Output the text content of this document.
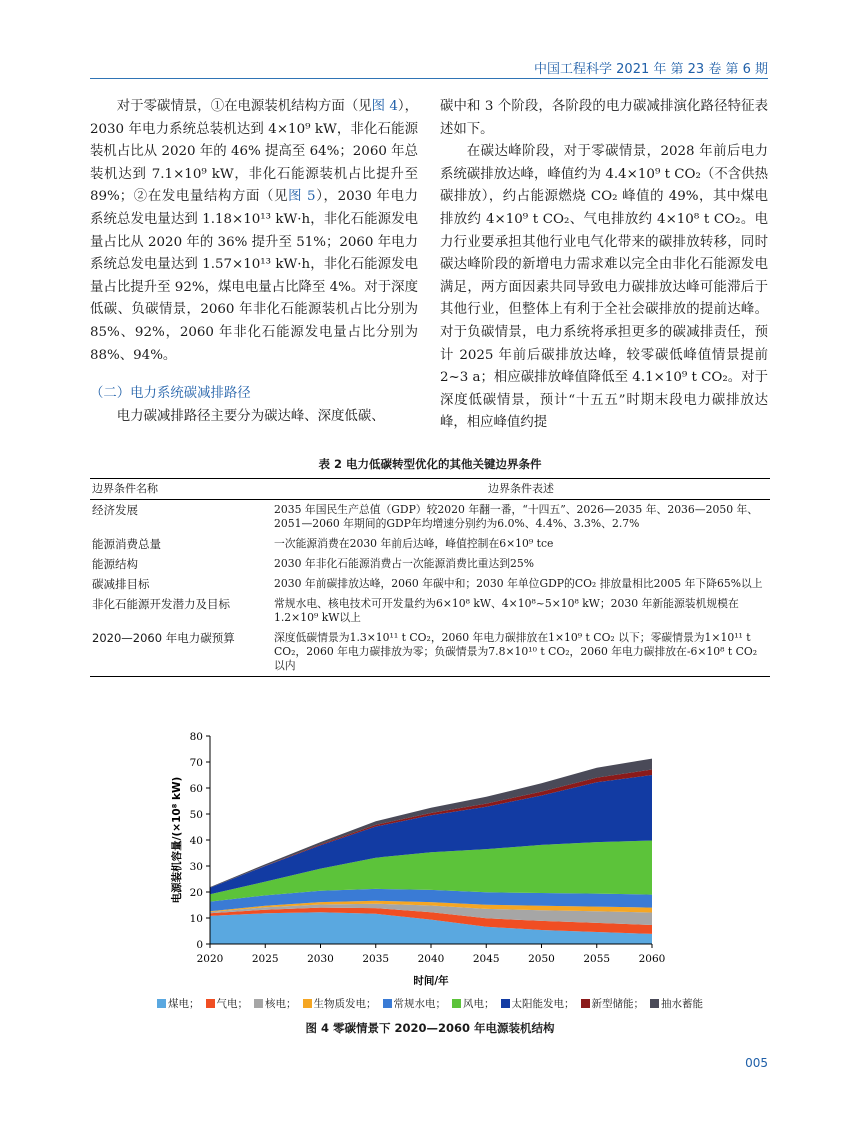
中国工程科学 2021 年 第 23 卷 第 6 期

对于零碳情景，①在电源装机结构方面（见图 4），2030 年电力系统总装机达到 4×10⁹ kW，非化石能源装机占比从 2020 年的 46% 提高至 64%；2060 年总装机达到 7.1×10⁹ kW，非化石能源装机占比提升至 89%；②在发电量结构方面（见图 5），2030 年电力系统总发电量达到 1.18×10¹³ kW·h，非化石能源发电量占比从 2020 年的 36% 提升至 51%；2060 年电力系统总发电量达到 1.57×10¹³ kW·h，非化石能源发电量占比提升至 92%，煤电电量占比降至 4%。对于深度低碳、负碳情景，2060 年非化石能源装机占比分别为 85%、92%，2060 年非化石能源发电量占比分别为 88%、94%。

（二）电力系统碳减排路径

电力碳减排路径主要分为碳达峰、深度低碳、

碳中和 3 个阶段，各阶段的电力碳减排演化路径特征表述如下。

在碳达峰阶段，对于零碳情景，2028 年前后电力系统碳排放达峰，峰值约为 4.4×10⁹ t CO₂（不含供热碳排放），约占能源燃烧 CO₂ 峰值的 49%，其中煤电排放约 4×10⁹ t CO₂、气电排放约 4×10⁸ t CO₂。电力行业要承担其他行业电气化带来的碳排放转移，同时碳达峰阶段的新增电力需求难以完全由非化石能源发电满足，两方面因素共同导致电力碳排放达峰可能滞后于其他行业，但整体上有利于全社会碳排放的提前达峰。对于负碳情景，电力系统将承担更多的碳减排责任，预计 2025 年前后碳排放达峰，较零碳低峰值情景提前 2~3 a；相应碳排放峰值降低至 4.1×10⁹ t CO₂。对于深度低碳情景，预计“十五五”时期末段电力碳排放达峰，相应峰值约提

表 2 电力低碳转型优化的其他关键边界条件
边界条件名称	边界条件表述
经济发展	2035 年国民生产总值（GDP）较2020 年翻一番，“十四五”、2026—2035 年、2036—2050 年、2051—2060 年期间的GDP年均增速分别约为6.0%、4.4%、3.3%、2.7%
能源消费总量	一次能源消费在2030 年前后达峰，峰值控制在6×10⁹ tce
能源结构	2030 年非化石能源消费占一次能源消费比重达到25%
碳减排目标	2030 年前碳排放达峰，2060 年碳中和；2030 年单位GDP的CO₂ 排放量相比2005 年下降65%以上
非化石能源开发潜力及目标	常规水电、核电技术可开发量约为6×10⁸ kW、4×10⁸~5×10⁸ kW；2030 年新能源装机规模在1.2×10⁹ kW以上
2020—2060 年电力碳预算	深度低碳情景为1.3×10¹¹ t CO₂，2060 年电力碳排放在1×10⁹ t CO₂ 以下；零碳情景为1×10¹¹ t CO₂，2060 年电力碳排放为零；负碳情景为7.8×10¹⁰ t CO₂，2060 年电力碳排放在-6×10⁸ t CO₂ 以内
0
10
20
30
40
50
60
70
80
2020	2025	2030	2035	2040	2045	2050	2055	2060
电源装机容量/(×10⁸ kW)
时间/年
煤电； 气电； 核电； 生物质发电； 常规水电； 风电； 太阳能发电； 新型储能； 抽水蓄能
图 4 零碳情景下 2020—2060 年电源装机结构
005
